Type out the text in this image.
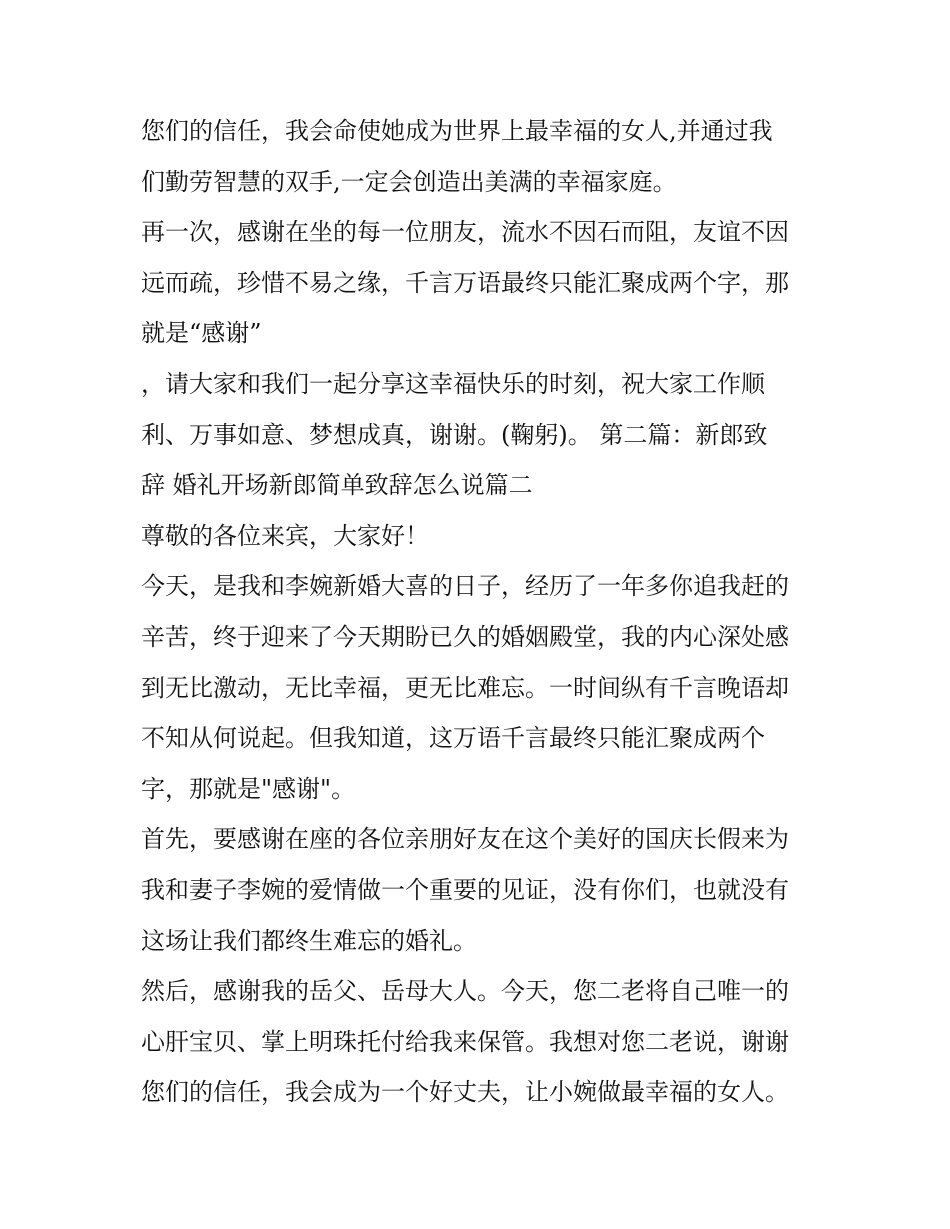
您们的信任，我会命使她成为世界上最幸福的女人,并通过我
们勤劳智慧的双手,一定会创造出美满的幸福家庭。
再一次，感谢在坐的每一位朋友，流水不因石而阻，友谊不因
远而疏，珍惜不易之缘，千言万语最终只能汇聚成两个字，那
就是“感谢”
，请大家和我们一起分享这幸福快乐的时刻，祝大家工作顺
利、万事如意、梦想成真，谢谢。(鞠躬)。 第二篇：新郎致
辞 婚礼开场新郎简单致辞怎么说篇二
尊敬的各位来宾，大家好！
今天，是我和李婉新婚大喜的日子，经历了一年多你追我赶的
辛苦，终于迎来了今天期盼已久的婚姻殿堂，我的内心深处感
到无比激动，无比幸福，更无比难忘。一时间纵有千言晚语却
不知从何说起。但我知道，这万语千言最终只能汇聚成两个
字，那就是"感谢"。
首先，要感谢在座的各位亲朋好友在这个美好的国庆长假来为
我和妻子李婉的爱情做一个重要的见证，没有你们，也就没有
这场让我们都终生难忘的婚礼。
然后，感谢我的岳父、岳母大人。今天，您二老将自己唯一的
心肝宝贝、掌上明珠托付给我来保管。我想对您二老说，谢谢
您们的信任，我会成为一个好丈夫，让小婉做最幸福的女人。
